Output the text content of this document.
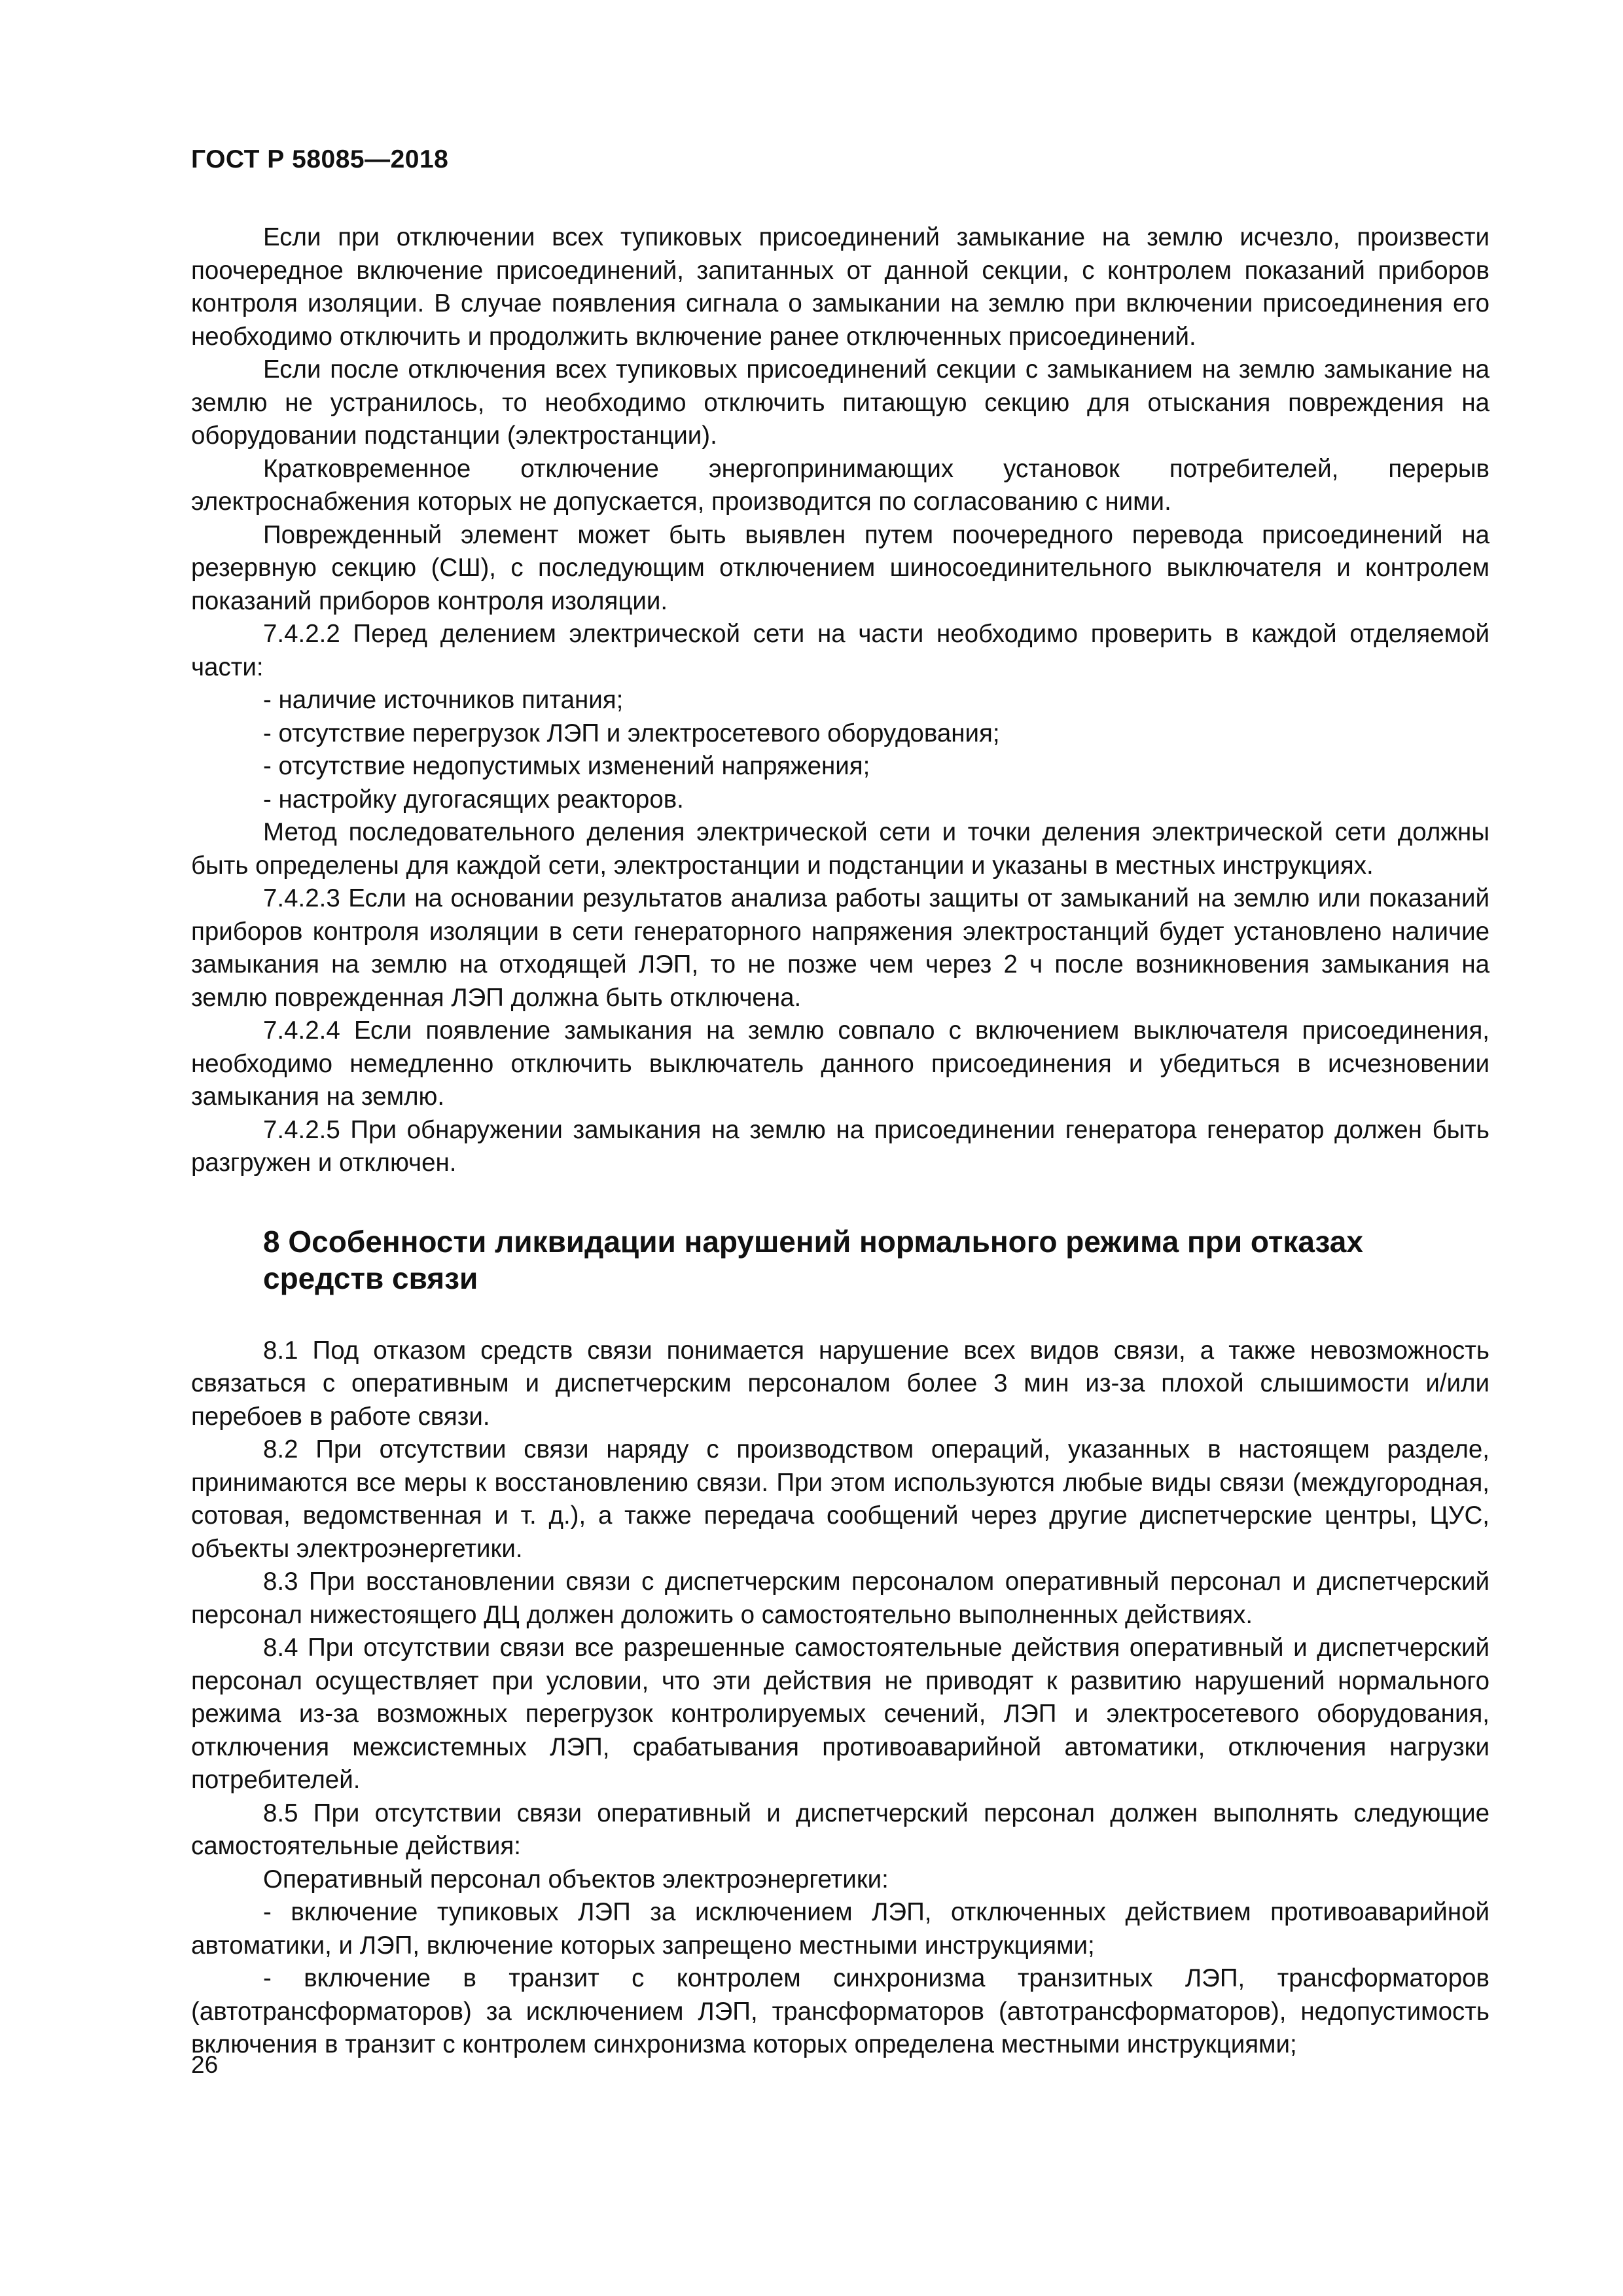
ГОСТ Р 58085—2018

Если при отключении всех тупиковых присоединений замыкание на землю исчезло, произвести поочередное включение присоединений, запитанных от данной секции, с контролем показаний приборов контроля изоляции. В случае появления сигнала о замыкании на землю при включении присоединения его необходимо отключить и продолжить включение ранее отключенных присоединений.

Если после отключения всех тупиковых присоединений секции с замыканием на землю замыкание на землю не устранилось, то необходимо отключить питающую секцию для отыскания повреждения на оборудовании подстанции (электростанции).

Кратковременное отключение энергопринимающих установок потребителей, перерыв электроснабжения которых не допускается, производится по согласованию с ними.

Поврежденный элемент может быть выявлен путем поочередного перевода присоединений на резервную секцию (СШ), с последующим отключением шиносоединительного выключателя и контролем показаний приборов контроля изоляции.

7.4.2.2 Перед делением электрической сети на части необходимо проверить в каждой отделяемой части:

- наличие источников питания;

- отсутствие перегрузок ЛЭП и электросетевого оборудования;

- отсутствие недопустимых изменений напряжения;

- настройку дугогасящих реакторов.

Метод последовательного деления электрической сети и точки деления электрической сети должны быть определены для каждой сети, электростанции и подстанции и указаны в местных инструкциях.

7.4.2.3 Если на основании результатов анализа работы защиты от замыканий на землю или показаний приборов контроля изоляции в сети генераторного напряжения электростанций будет установлено наличие замыкания на землю на отходящей ЛЭП, то не позже чем через 2 ч после возникновения замыкания на землю поврежденная ЛЭП должна быть отключена.

7.4.2.4 Если появление замыкания на землю совпало с включением выключателя присоединения, необходимо немедленно отключить выключатель данного присоединения и убедиться в исчезновении замыкания на землю.

7.4.2.5 При обнаружении замыкания на землю на присоединении генератора генератор должен быть разгружен и отключен.

8 Особенности ликвидации нарушений нормального режима при отказах средств связи

8.1 Под отказом средств связи понимается нарушение всех видов связи, а также невозможность связаться с оперативным и диспетчерским персоналом более 3 мин из-за плохой слышимости и/или перебоев в работе связи.

8.2 При отсутствии связи наряду с производством операций, указанных в настоящем разделе, принимаются все меры к восстановлению связи. При этом используются любые виды связи (междугородная, сотовая, ведомственная и т. д.), а также передача сообщений через другие диспетчерские центры, ЦУС, объекты электроэнергетики.

8.3 При восстановлении связи с диспетчерским персоналом оперативный персонал и диспетчерский персонал нижестоящего ДЦ должен доложить о самостоятельно выполненных действиях.

8.4 При отсутствии связи все разрешенные самостоятельные действия оперативный и диспетчерский персонал осуществляет при условии, что эти действия не приводят к развитию нарушений нормального режима из-за возможных перегрузок контролируемых сечений, ЛЭП и электросетевого оборудования, отключения межсистемных ЛЭП, срабатывания противоаварийной автоматики, отключения нагрузки потребителей.

8.5 При отсутствии связи оперативный и диспетчерский персонал должен выполнять следующие самостоятельные действия:

Оперативный персонал объектов электроэнергетики:

- включение тупиковых ЛЭП за исключением ЛЭП, отключенных действием противоаварийной автоматики, и ЛЭП, включение которых запрещено местными инструкциями;

- включение в транзит с контролем синхронизма транзитных ЛЭП, трансформаторов (автотрансформаторов) за исключением ЛЭП, трансформаторов (автотрансформаторов), недопустимость включения в транзит с контролем синхронизма которых определена местными инструкциями;

26
